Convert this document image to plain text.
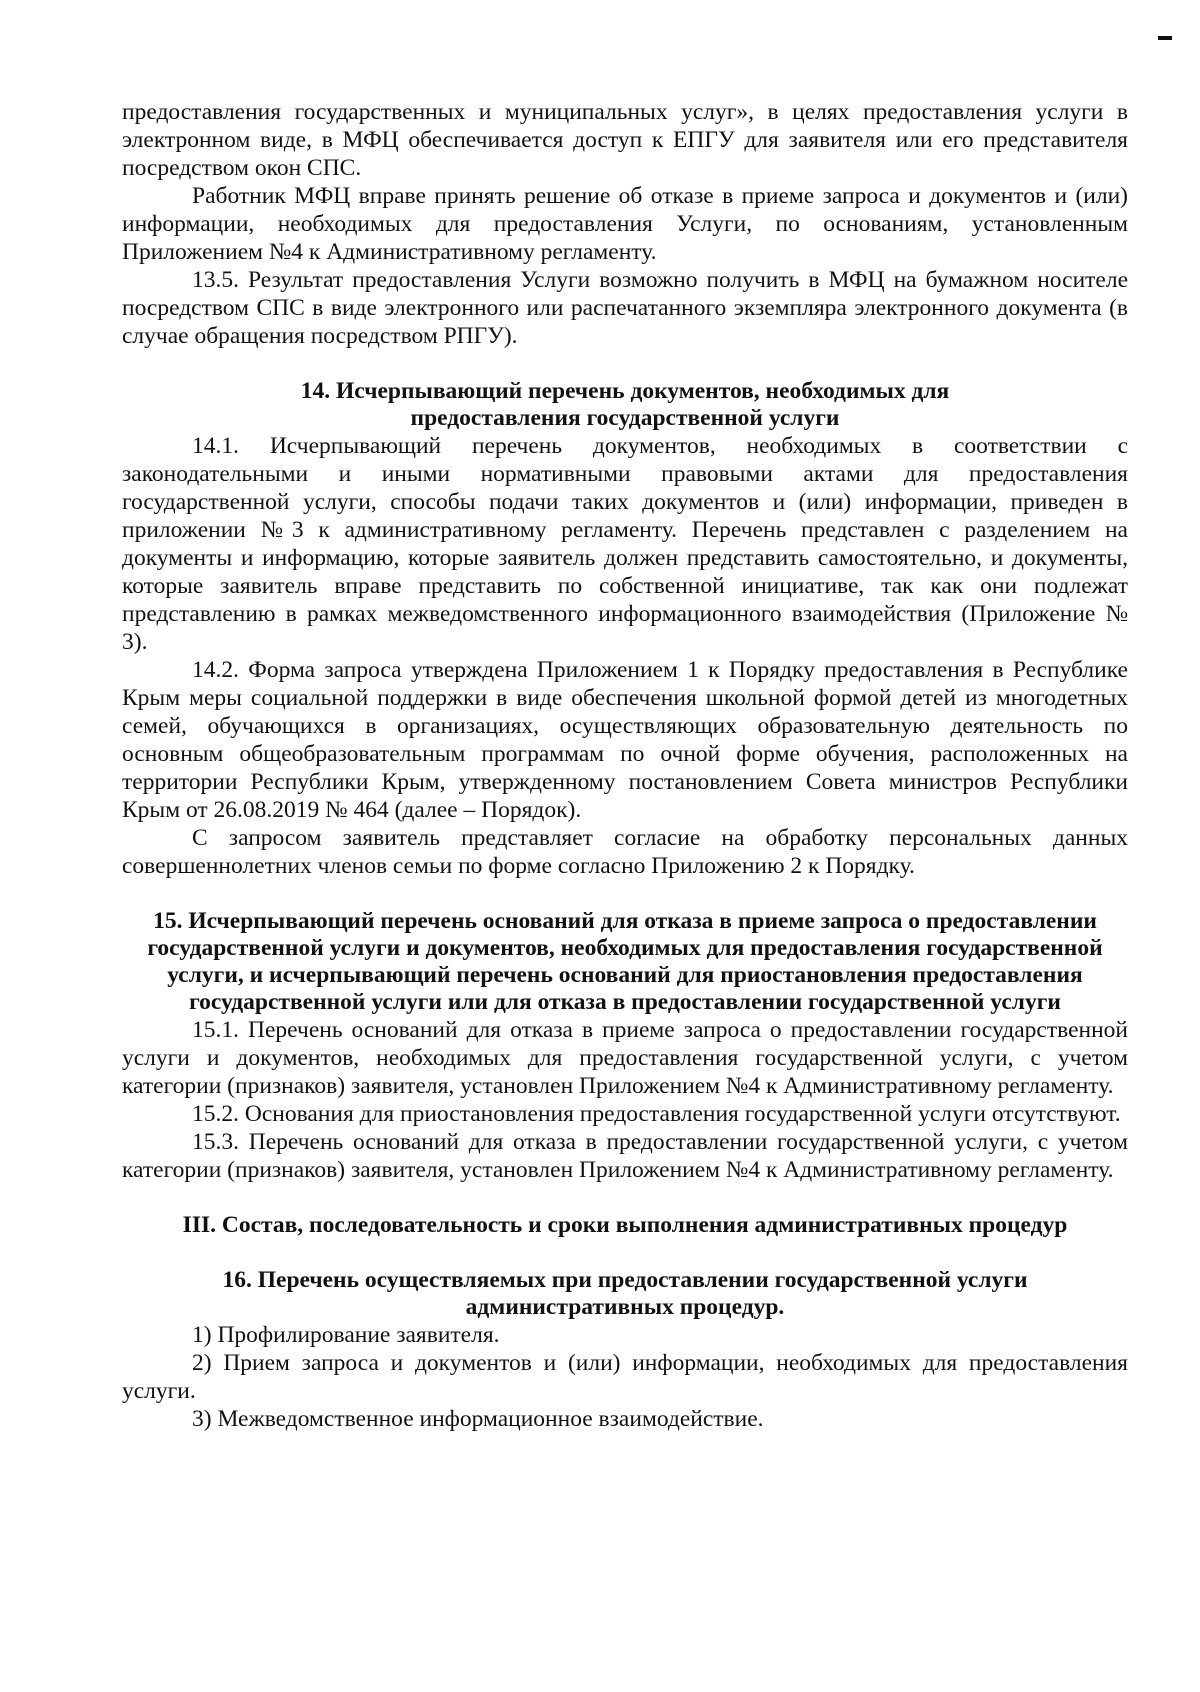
предоставления государственных и муниципальных услуг», в целях предоставления услуги в электронном виде, в МФЦ обеспечивается доступ к ЕПГУ для заявителя или его представителя посредством окон СПС.

Работник МФЦ вправе принять решение об отказе в приеме запроса и документов и (или) информации, необходимых для предоставления Услуги, по основаниям, установленным Приложением №4 к Административному регламенту.

13.5. Результат предоставления Услуги возможно получить в МФЦ на бумажном носителе посредством СПС в виде электронного или распечатанного экземпляра электронного документа (в случае обращения посредством РПГУ).

14. Исчерпывающий перечень документов, необходимых для предоставления государственной услуги

14.1. Исчерпывающий перечень документов, необходимых в соответствии с законодательными и иными нормативными правовыми актами для предоставления государственной услуги, способы подачи таких документов и (или) информации, приведен в приложении №3 к административному регламенту. Перечень представлен с разделением на документы и информацию, которые заявитель должен представить самостоятельно, и документы, которые заявитель вправе представить по собственной инициативе, так как они подлежат представлению в рамках межведомственного информационного взаимодействия (Приложение № 3).

14.2. Форма запроса утверждена Приложением 1 к Порядку предоставления в Республике Крым меры социальной поддержки в виде обеспечения школьной формой детей из многодетных семей, обучающихся в организациях, осуществляющих образовательную деятельность по основным общеобразовательным программам по очной форме обучения, расположенных на территории Республики Крым, утвержденному постановлением Совета министров Республики Крым от 26.08.2019 № 464 (далее – Порядок).

С запросом заявитель представляет согласие на обработку персональных данных совершеннолетних членов семьи по форме согласно Приложению 2 к Порядку.

15. Исчерпывающий перечень оснований для отказа в приеме запроса о предоставлении государственной услуги и документов, необходимых для предоставления государственной услуги, и исчерпывающий перечень оснований для приостановления предоставления государственной услуги или для отказа в предоставлении государственной услуги

15.1. Перечень оснований для отказа в приеме запроса о предоставлении государственной услуги и документов, необходимых для предоставления государственной услуги, с учетом категории (признаков) заявителя, установлен Приложением №4 к Административному регламенту.

15.2. Основания для приостановления предоставления государственной услуги отсутствуют.

15.3. Перечень оснований для отказа в предоставлении государственной услуги, с учетом категории (признаков) заявителя, установлен Приложением №4 к Административному регламенту.

III. Состав, последовательность и сроки выполнения административных процедур
16. Перечень осуществляемых при предоставлении государственной услуги административных процедур.

1) Профилирование заявителя.

2) Прием запроса и документов и (или) информации, необходимых для предоставления услуги.

3) Межведомственное информационное взаимодействие.
